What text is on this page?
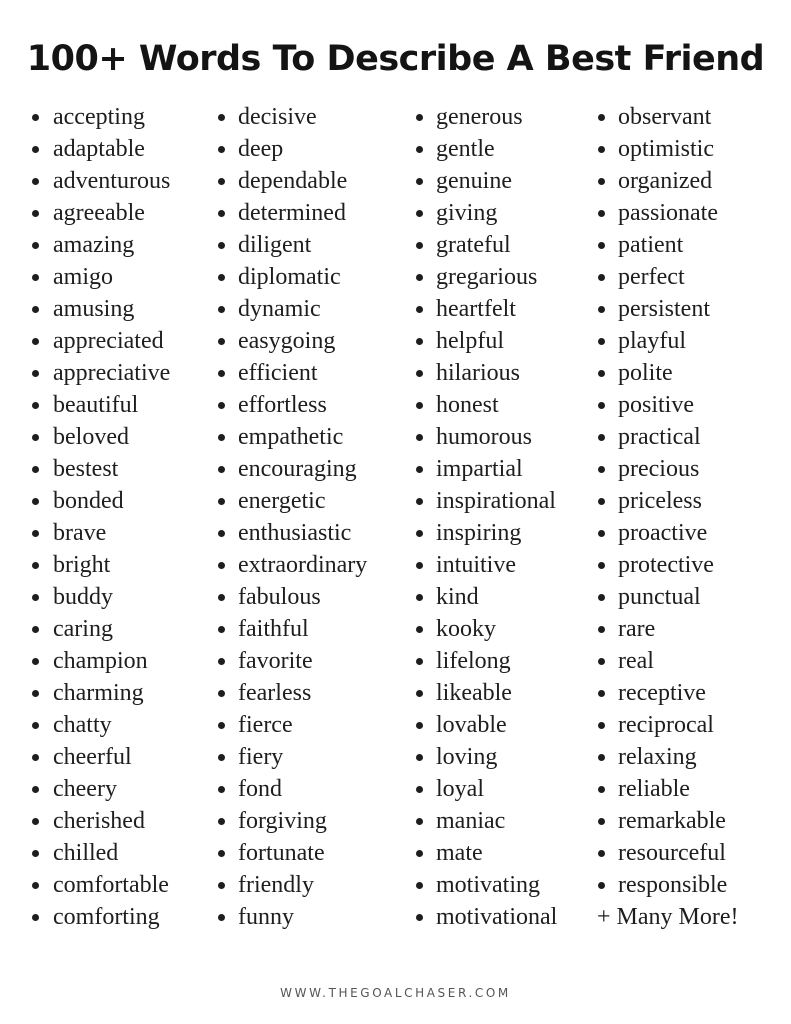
100+ Words To Describe A Best Friend
accepting
adaptable
adventurous
agreeable
amazing
amigo
amusing
appreciated
appreciative
beautiful
beloved
bestest
bonded
brave
bright
buddy
caring
champion
charming
chatty
cheerful
cheery
cherished
chilled
comfortable
comforting
decisive
deep
dependable
determined
diligent
diplomatic
dynamic
easygoing
efficient
effortless
empathetic
encouraging
energetic
enthusiastic
extraordinary
fabulous
faithful
favorite
fearless
fierce
fiery
fond
forgiving
fortunate
friendly
funny
generous
gentle
genuine
giving
grateful
gregarious
heartfelt
helpful
hilarious
honest
humorous
impartial
inspirational
inspiring
intuitive
kind
kooky
lifelong
likeable
lovable
loving
loyal
maniac
mate
motivating
motivational
observant
optimistic
organized
passionate
patient
perfect
persistent
playful
polite
positive
practical
precious
priceless
proactive
protective
punctual
rare
real
receptive
reciprocal
relaxing
reliable
remarkable
resourceful
responsible
+ Many More!
WWW.THEGOALCHASER.COM
